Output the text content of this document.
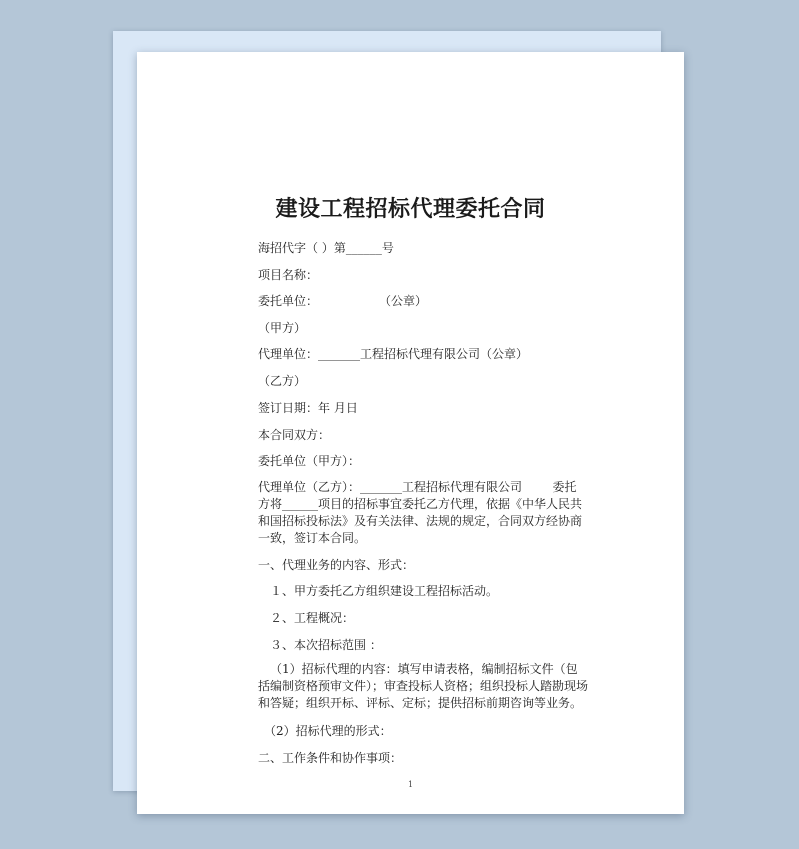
建设工程招标代理委托合同
海招代字（ ）第______号
项目名称：
委托单位：                （公章）
（甲方）
代理单位：_______工程招标代理有限公司（公章）
（乙方）
签订日期：年 月日
本合同双方：
委托单位（甲方）：
代理单位（乙方）：_______工程招标代理有限公司        委托方将______项目的招标事宜委托乙方代理，依据《中华人民共和国招标投标法》及有关法律、法规的规定，合同双方经协商一致，签订本合同。
一、代理业务的内容、形式：
１、甲方委托乙方组织建设工程招标活动。
２、工程概况：
３、本次招标范围 ：
（1）招标代理的内容：填写申请表格，编制招标文件（包括编制资格预审文件）；审查投标人资格；组织投标人踏勘现场和答疑；组织开标、评标、定标；提供招标前期咨询等业务。
（2）招标代理的形式：
二、工作条件和协作事项：
1
